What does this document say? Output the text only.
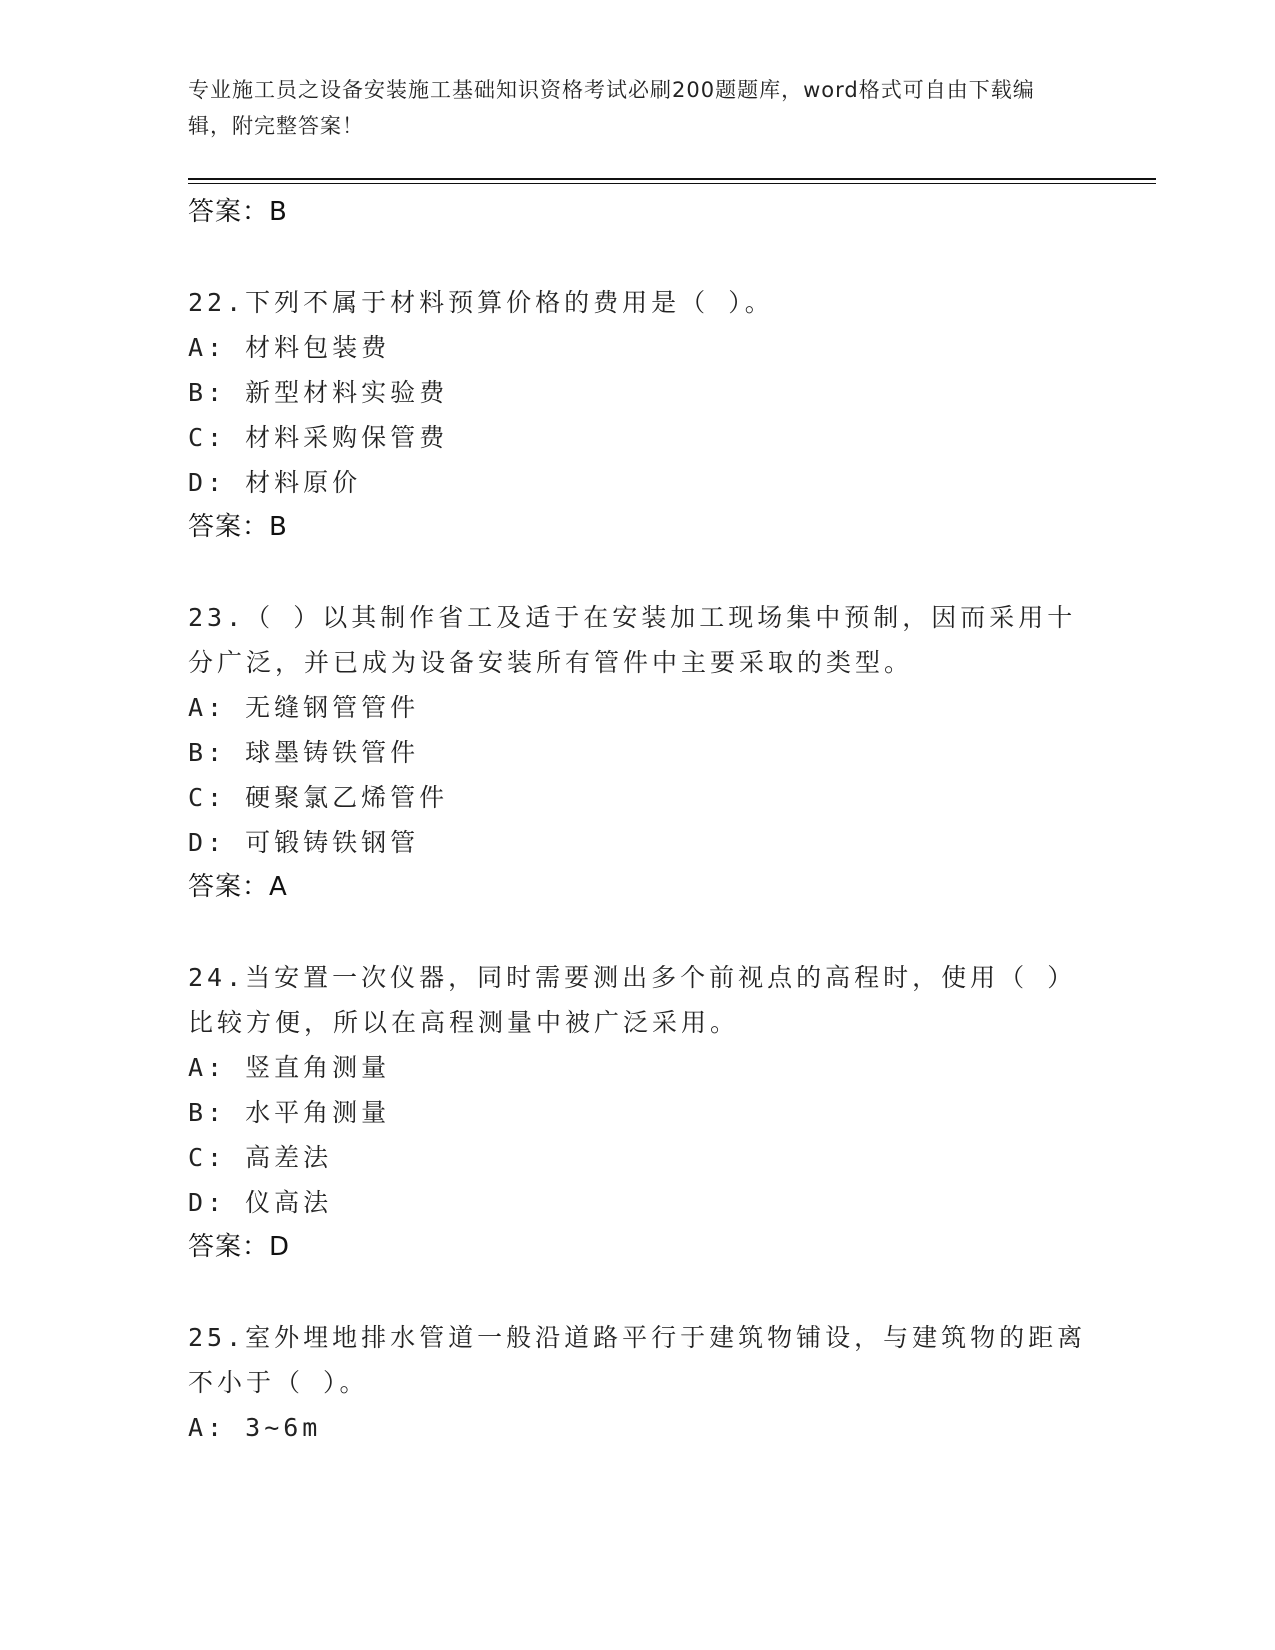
专业施工员之设备安装施工基础知识资格考试必刷200题题库，word格式可自由下载编辑，附完整答案！
答案：B
22.下列不属于材料预算价格的费用是（ ）。
A: 材料包装费
B: 新型材料实验费
C: 材料采购保管费
D: 材料原价
答案：B
23.（ ）以其制作省工及适于在安装加工现场集中预制，因而采用十分广泛，并已成为设备安装所有管件中主要采取的类型。
A: 无缝钢管管件
B: 球墨铸铁管件
C: 硬聚氯乙烯管件
D: 可锻铸铁钢管
答案：A
24.当安置一次仪器，同时需要测出多个前视点的高程时，使用（ ）比较方便，所以在高程测量中被广泛采用。
A: 竖直角测量
B: 水平角测量
C: 高差法
D: 仪高法
答案：D
25.室外埋地排水管道一般沿道路平行于建筑物铺设，与建筑物的距离不小于（ ）。
A: 3~6m
